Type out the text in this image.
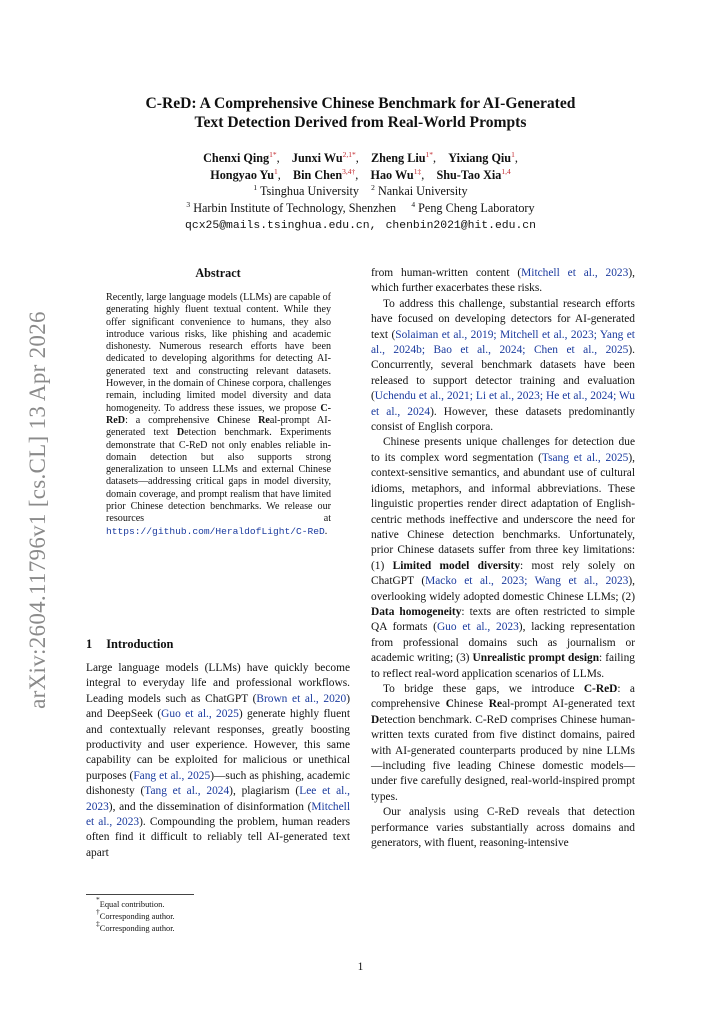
arXiv:2604.11796v1 [cs.CL] 13 Apr 2026
C-ReD: A Comprehensive Chinese Benchmark for AI-Generated
Text Detection Derived from Real-World Prompts
Chenxi Qing$^{1*}$,    Junxi $Wu^{2,1*}$,    Zheng Liu$^{1*}$,    Yixiang Qiu$^1$,
Hongyao Yu$^1$,    Bin Chen$^{3,4\dagger}$,    Hao $Wu^{1\ddagger}$,    Shu-Tao Xia$^{1,4}$
$^1$ Tsinghua University $^2$ Nankai University
$^3$ Harbin Institute of Technology, Shenzhen $^4$ Peng Cheng Laboratory
qcx25@mails.tsinghua.edu.cn, chenbin2021@hit.edu.cn
Abstract
Recently, large language models (LLMs) are capable of generating highly fluent textual content. While they offer significant convenience to humans, they also introduce various risks, like phishing and academic dishonesty. Numerous research efforts have been dedicated to developing algorithms for detecting AI-generated text and constructing relevant datasets. However, in the domain of Chinese corpora, challenges remain, including limited model diversity and data homogeneity. To address these issues, we propose C-ReD: a comprehensive Chinese Real-prompt AI-generated text Detection benchmark. Experiments demonstrate that C-ReD not only enables reliable in-domain detection but also supports strong generalization to unseen LLMs and external Chinese datasets—addressing critical gaps in model diversity, domain coverage, and prompt realism that have limited prior Chinese detection benchmarks. We release our resources at https://github.com/HeraldofLight/C-ReD.
1 Introduction

Large language models (LLMs) have quickly become integral to everyday life and professional workflows. Leading models such as ChatGPT (Brown et al., 2020) and DeepSeek (Guo et al., 2025) generate highly fluent and contextually relevant responses, greatly boosting productivity and user experience. However, this same capability can be exploited for malicious or unethical purposes (Fang et al., 2025)—such as phishing, academic dishonesty (Tang et al., 2024), plagiarism (Lee et al., 2023), and the dissemination of disinformation (Mitchell et al., 2023). Compounding the problem, human readers often find it difficult to reliably tell AI-generated text apart

from human-written content (Mitchell et al., 2023), which further exacerbates these risks.

To address this challenge, substantial research efforts have focused on developing detectors for AI-generated text (Solaiman et al., 2019; Mitchell et al., 2023; Yang et al., 2024b; Bao et al., 2024; Chen et al., 2025). Concurrently, several benchmark datasets have been released to support detector training and evaluation (Uchendu et al., 2021; Li et al., 2023; He et al., 2024; Wu et al., 2024). However, these datasets predominantly consist of English corpora.

Chinese presents unique challenges for detection due to its complex word segmentation (Tsang et al., 2025), context-sensitive semantics, and abundant use of cultural idioms, metaphors, and informal abbreviations. These linguistic properties render direct adaptation of English-centric methods ineffective and underscore the need for native Chinese detection benchmarks. Unfortunately, prior Chinese datasets suffer from three key limitations: (1) Limited model diversity: most rely solely on ChatGPT (Macko et al., 2023; Wang et al., 2023), overlooking widely adopted domestic Chinese LLMs; (2) Data homogeneity: texts are often restricted to simple QA formats (Guo et al., 2023), lacking representation from professional domains such as journalism or academic writing; (3) Unrealistic prompt design: failing to reflect real-word application scenarios of LLMs.

To bridge these gaps, we introduce C-ReD: a comprehensive Chinese Real-prompt AI-generated text Detection benchmark. C-ReD comprises Chinese human-written texts curated from five distinct domains, paired with AI-generated counterparts produced by nine LLMs—including five leading Chinese domestic models—under five carefully designed, real-world-inspired prompt types.

Our analysis using C-ReD reveals that detection performance varies substantially across domains and generators, with fluent, reasoning-intensive

*Equal contribution.
†Corresponding author.
‡Corresponding author.
1
